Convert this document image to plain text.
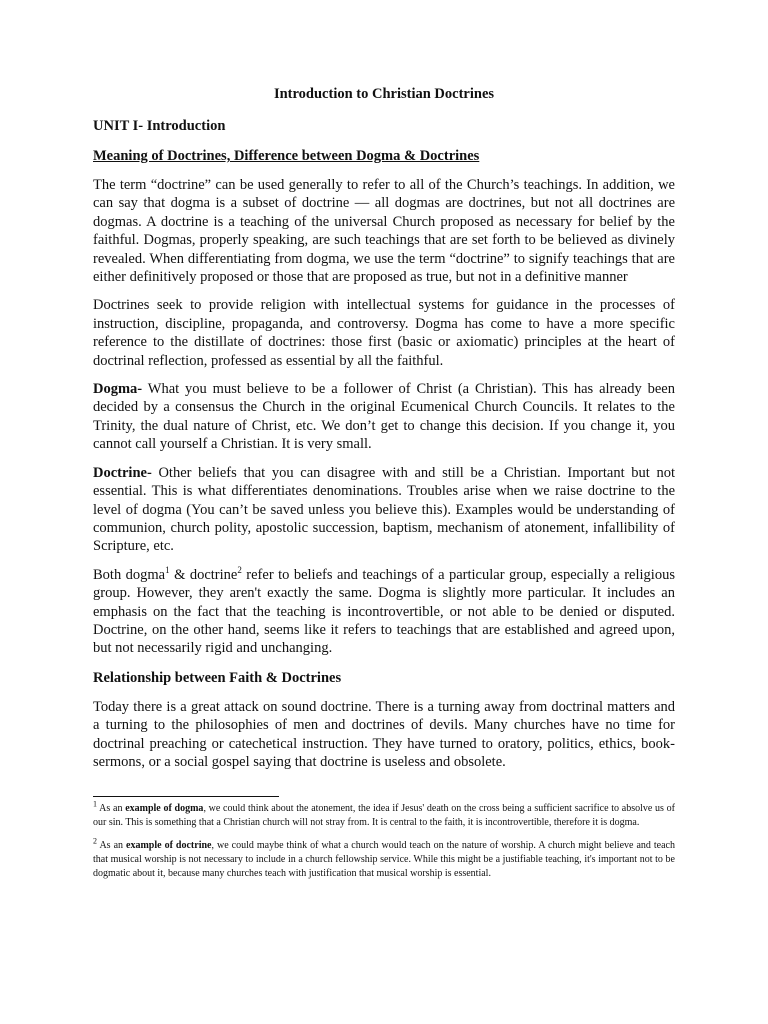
Introduction to Christian Doctrines
UNIT I- Introduction
Meaning of Doctrines, Difference between Dogma & Doctrines

The term “doctrine” can be used generally to refer to all of the Church’s teachings. In addition, we can say that dogma is a subset of doctrine — all dogmas are doctrines, but not all doctrines are dogmas. A doctrine is a teaching of the universal Church proposed as necessary for belief by the faithful. Dogmas, properly speaking, are such teachings that are set forth to be believed as divinely revealed. When differentiating from dogma, we use the term “doctrine” to signify teachings that are either definitively proposed or those that are proposed as true, but not in a definitive manner

Doctrines seek to provide religion with intellectual systems for guidance in the processes of instruction, discipline, propaganda, and controversy. Dogma has come to have a more specific reference to the distillate of doctrines: those first (basic or axiomatic) principles at the heart of doctrinal reflection, professed as essential by all the faithful.

Dogma- What you must believe to be a follower of Christ (a Christian). This has already been decided by a consensus the Church in the original Ecumenical Church Councils. It relates to the Trinity, the dual nature of Christ, etc. We don’t get to change this decision. If you change it, you cannot call yourself a Christian. It is very small.

Doctrine- Other beliefs that you can disagree with and still be a Christian. Important but not essential. This is what differentiates denominations. Troubles arise when we raise doctrine to the level of dogma (You can’t be saved unless you believe this). Examples would be understanding of communion, church polity, apostolic succession, baptism, mechanism of atonement, infallibility of Scripture, etc.

Both dogma$^1$ & doctrine$^2$ refer to beliefs and teachings of a particular group, especially a religious group. However, they aren't exactly the same. Dogma is slightly more particular. It includes an emphasis on the fact that the teaching is incontrovertible, or not able to be denied or disputed. Doctrine, on the other hand, seems like it refers to teachings that are established and agreed upon, but not necessarily rigid and unchanging.

Relationship between Faith & Doctrines

Today there is a great attack on sound doctrine. There is a turning away from doctrinal matters and a turning to the philosophies of men and doctrines of devils. Many churches have no time for doctrinal preaching or catechetical instruction. They have turned to oratory, politics, ethics, book-sermons, or a social gospel saying that doctrine is useless and obsolete.

$^1$ As an example of dogma, we could think about the atonement, the idea if Jesus' death on the cross being a sufficient sacrifice to absolve us of our sin. This is something that a Christian church will not stray from. It is central to the faith, it is incontrovertible, therefore it is dogma.

$^2$ As an example of doctrine, we could maybe think of what a church would teach on the nature of worship. A church might believe and teach that musical worship is not necessary to include in a church fellowship service. While this might be a justifiable teaching, it's important not to be dogmatic about it, because many churches teach with justification that musical worship is essential.
